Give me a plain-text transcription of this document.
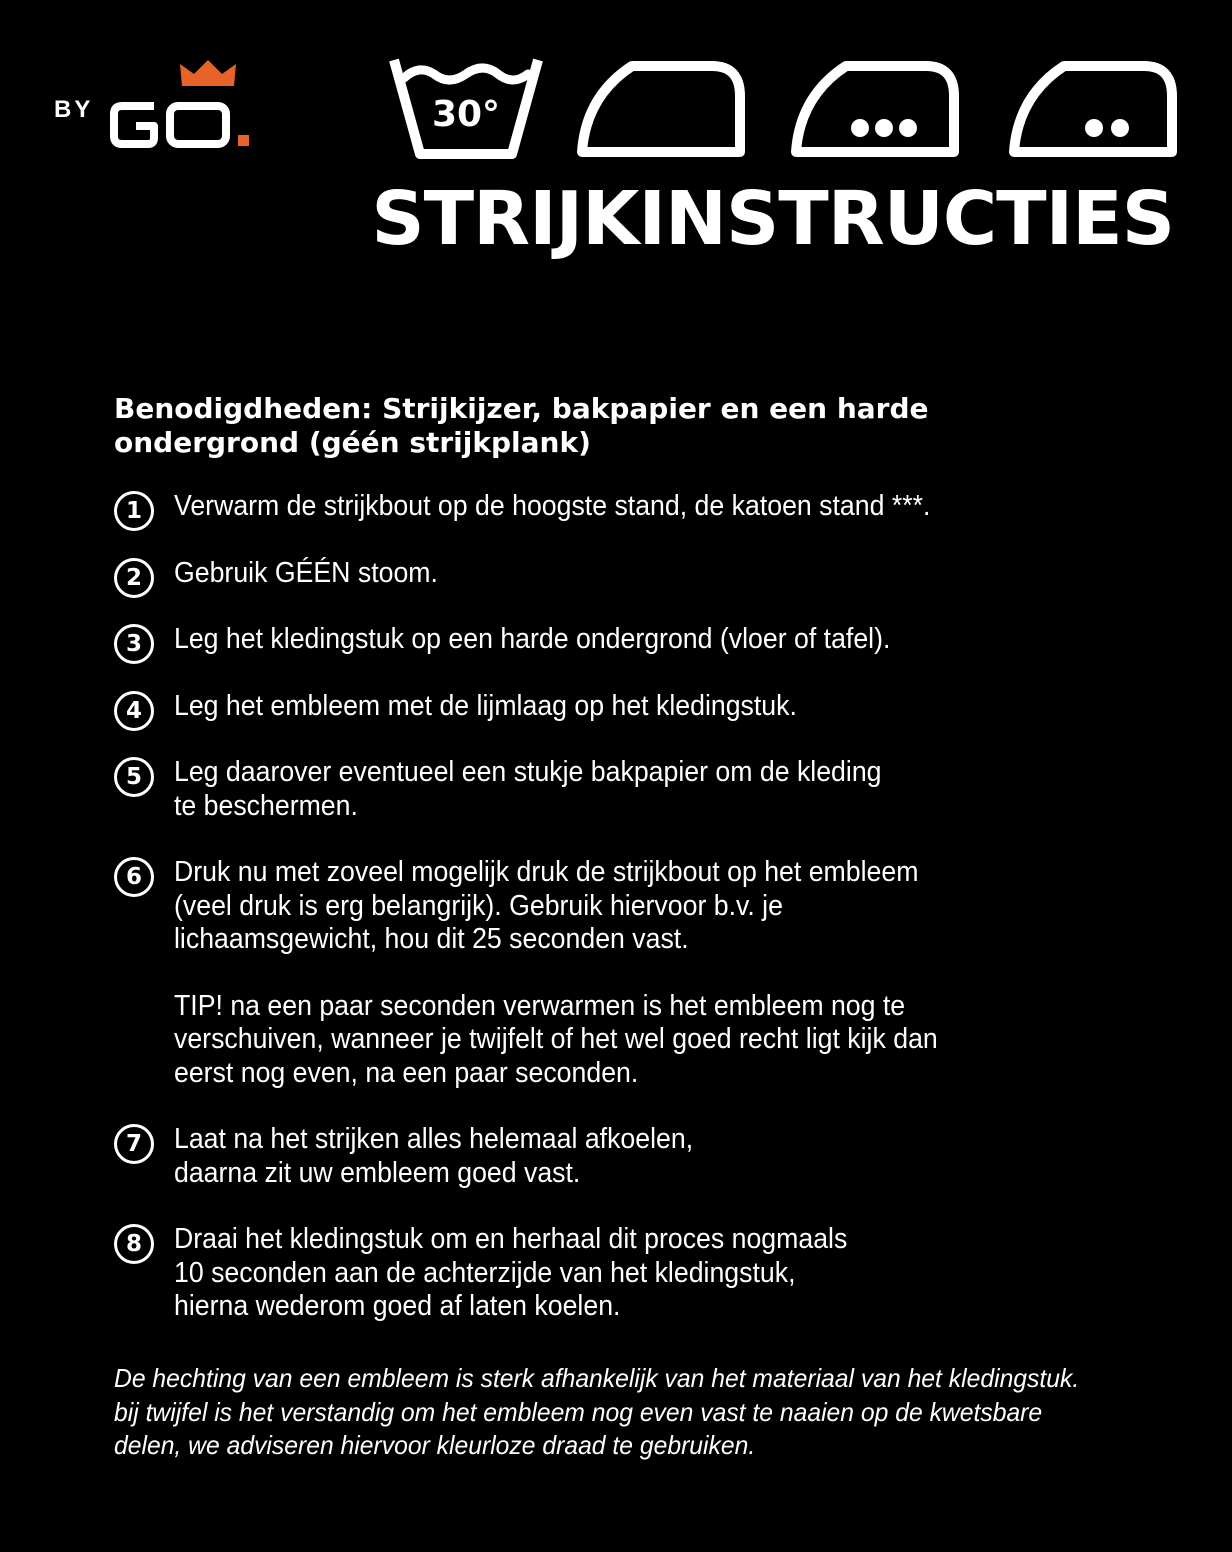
BY	30°
STRIJKINSTRUCTIES

Benodigdheden: Strijkijzer, bakpapier en een harde ondergrond (géén strijkplank)

1	Verwarm de strijkbout op de hoogste stand, de katoen stand ***.
2	Gebruik GÉÉN stoom.
3	Leg het kledingstuk op een harde ondergrond (vloer of tafel).
4	Leg het embleem met de lijmlaag op het kledingstuk.
5	Leg daarover eventueel een stukje bakpapier om de kleding
te beschermen.
6	Druk nu met zoveel mogelijk druk de strijkbout op het embleem
(veel druk is erg belangrijk). Gebruik hiervoor b.v. je
lichaamsgewicht, hou dit 25 seconden vast.
TIP! na een paar seconden verwarmen is het embleem nog te
verschuiven, wanneer je twijfelt of het wel goed recht ligt kijk dan
eerst nog even, na een paar seconden.
7	Laat na het strijken alles helemaal afkoelen,
daarna zit uw embleem goed vast.
8	Draai het kledingstuk om en herhaal dit proces nogmaals
10 seconden aan de achterzijde van het kledingstuk,
hierna wederom goed af laten koelen.

De hechting van een embleem is sterk afhankelijk van het materiaal van het kledingstuk.
bij twijfel is het verstandig om het embleem nog even vast te naaien op de kwetsbare
delen, we adviseren hiervoor kleurloze draad te gebruiken.
